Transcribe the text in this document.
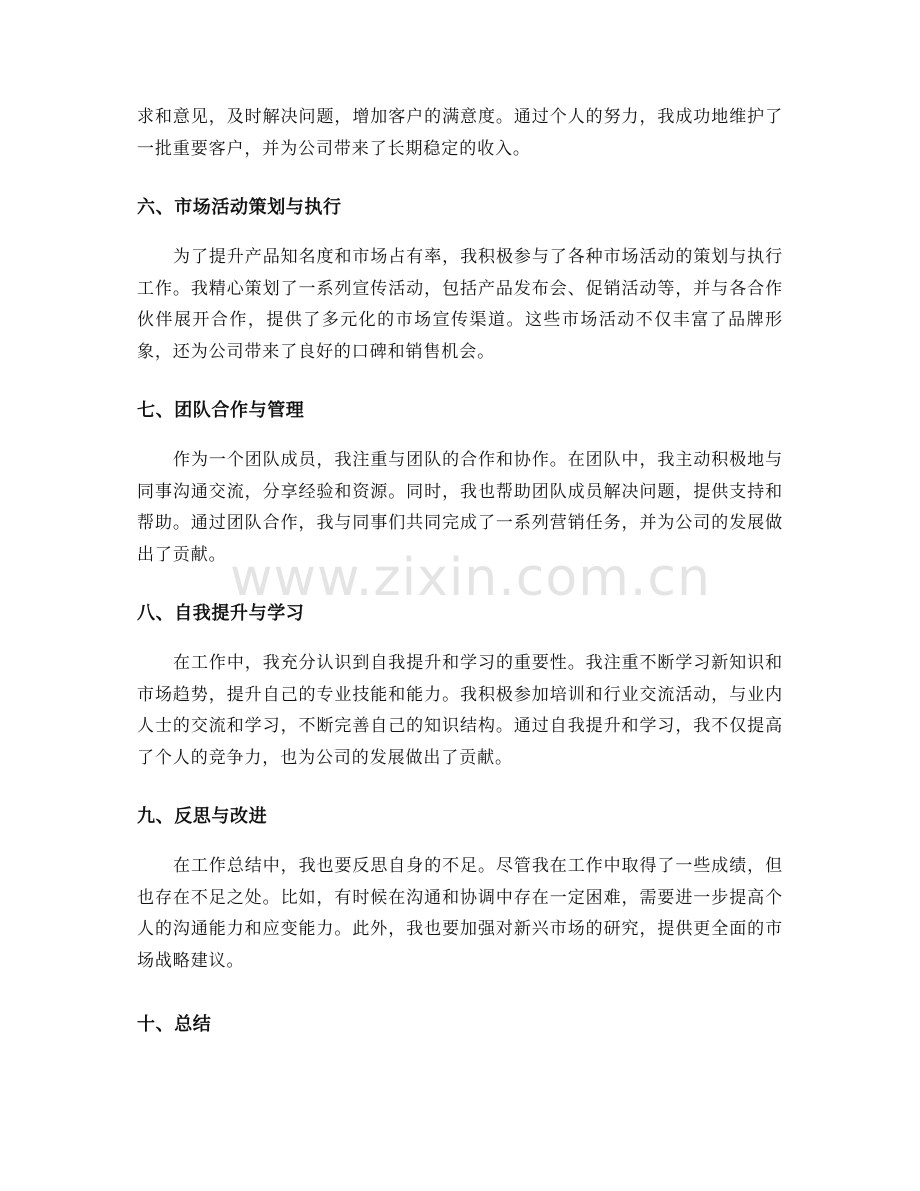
求和意见，及时解决问题，增加客户的满意度。通过个人的努力，我成功地维护了一批重要客户，并为公司带来了长期稳定的收入。

六、市场活动策划与执行

为了提升产品知名度和市场占有率，我积极参与了各种市场活动的策划与执行工作。我精心策划了一系列宣传活动，包括产品发布会、促销活动等，并与各合作伙伴展开合作，提供了多元化的市场宣传渠道。这些市场活动不仅丰富了品牌形象，还为公司带来了良好的口碑和销售机会。

七、团队合作与管理

作为一个团队成员，我注重与团队的合作和协作。在团队中，我主动积极地与同事沟通交流，分享经验和资源。同时，我也帮助团队成员解决问题，提供支持和帮助。通过团队合作，我与同事们共同完成了一系列营销任务，并为公司的发展做出了贡献。

八、自我提升与学习

在工作中，我充分认识到自我提升和学习的重要性。我注重不断学习新知识和市场趋势，提升自己的专业技能和能力。我积极参加培训和行业交流活动，与业内人士的交流和学习，不断完善自己的知识结构。通过自我提升和学习，我不仅提高了个人的竞争力，也为公司的发展做出了贡献。

九、反思与改进

在工作总结中，我也要反思自身的不足。尽管我在工作中取得了一些成绩，但也存在不足之处。比如，有时候在沟通和协调中存在一定困难，需要进一步提高个人的沟通能力和应变能力。此外，我也要加强对新兴市场的研究，提供更全面的市场战略建议。

十、总结
www.zixin.com.cn
